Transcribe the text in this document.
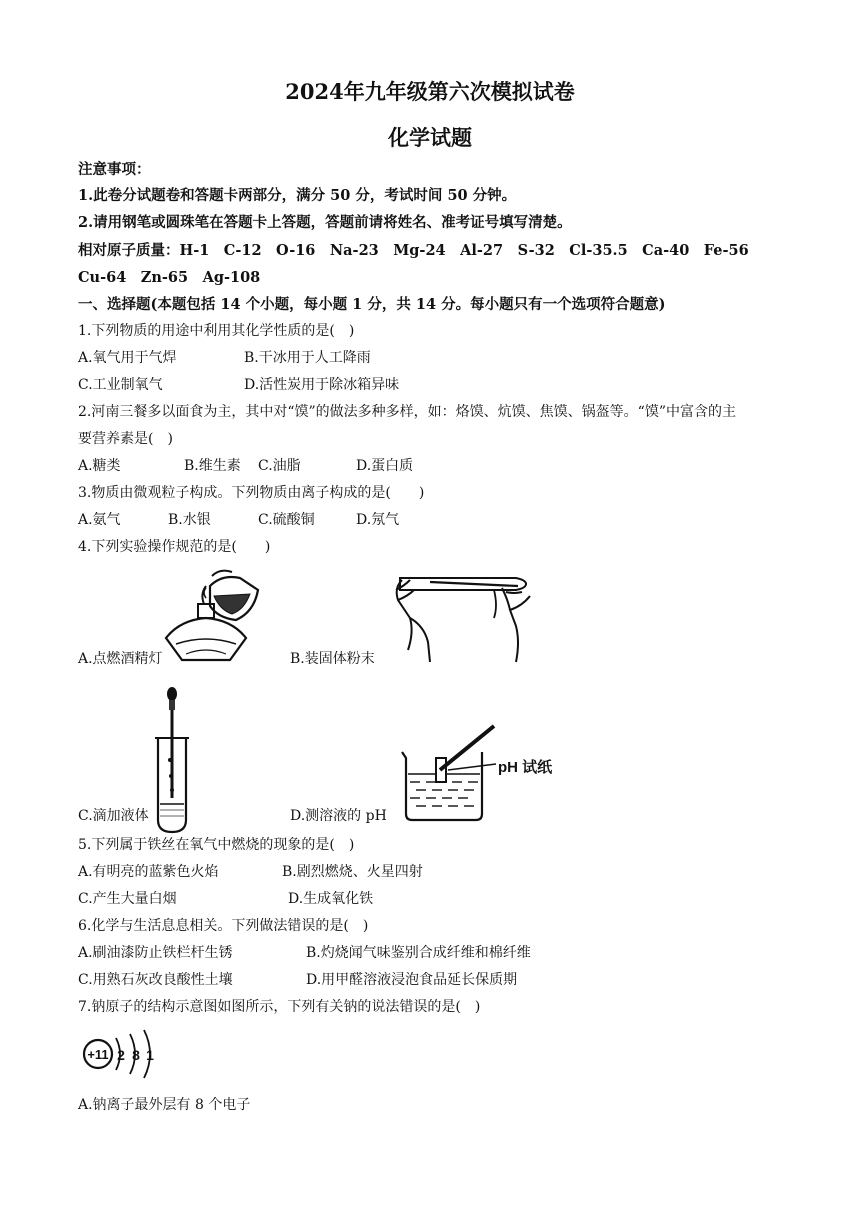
2024年九年级第六次模拟试卷
化学试题
注意事项：
1.此卷分试题卷和答题卡两部分，满分 50 分，考试时间 50 分钟。
2.请用钢笔或圆珠笔在答题卡上答题，答题前请将姓名、准考证号填写清楚。
相对原子质量：H-1　C-12　O-16　Na-23　Mg-24　Al-27　S-32　Cl-35.5　Ca-40　Fe-56
Cu-64　Zn-65　Ag-108
一、选择题(本题包括 14 个小题，每小题 1 分，共 14 分。每小题只有一个选项符合题意)
1.下列物质的用途中利用其化学性质的是(　)
A.氧气用于气焊	B.干冰用于人工降雨
C.工业制氧气	D.活性炭用于除冰箱异味
2.河南三餐多以面食为主，其中对“馍”的做法多种多样，如：烙馍、炕馍、焦馍、锅盔等。“馍”中富含的主
要营养素是(　)
A.糖类	B.维生素 C.油脂	D.蛋白质
3.物质由微观粒子构成。下列物质由离子构成的是(　　)
A.氨气	B.水银	C.硫酸铜	D.氖气
4.下列实验操作规范的是(　　)
A.点燃酒精灯	B.装固体粉末
C.滴加液体
pH 试纸
D.测溶液的 pH
5.下列属于铁丝在氧气中燃烧的现象的是(　)
A.有明亮的蓝紫色火焰	B.剧烈燃烧、火星四射
C.产生大量白烟	D.生成氧化铁
6.化学与生活息息相关。下列做法错误的是(　)
A.刷油漆防止铁栏杆生锈	B.灼烧闻气味鉴别合成纤维和棉纤维
C.用熟石灰改良酸性土壤	D.用甲醛溶液浸泡食品延长保质期
7.钠原子的结构示意图如图所示，下列有关钠的说法错误的是(　)
+11 2 8 1
A.钠离子最外层有 8 个电子
